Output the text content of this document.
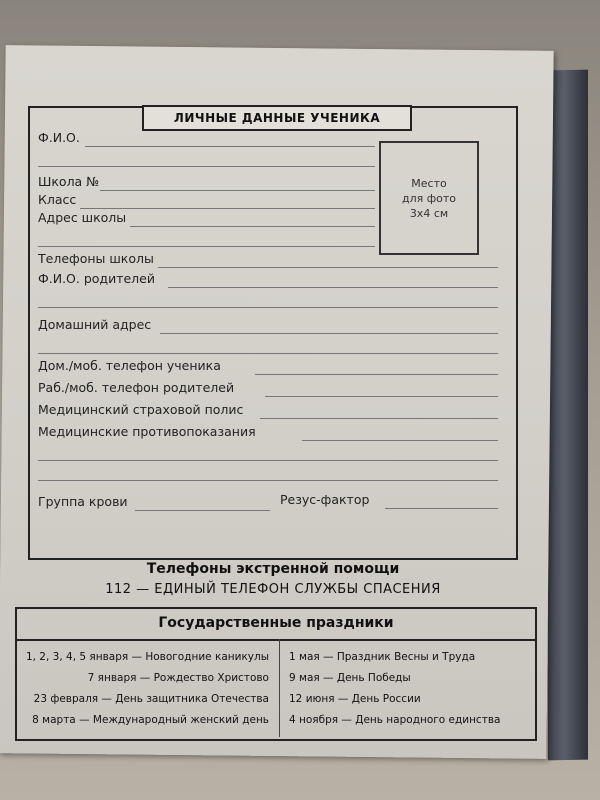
ЛИЧНЫЕ ДАННЫЕ УЧЕНИКА
Место
для фото
3x4 см
Ф.И.О.
Школа №
Класс
Адрес школы
Телефоны школы
Ф.И.О. родителей
Домашний адрес
Дом./моб. телефон ученика
Раб./моб. телефон родителей
Медицинский страховой полис
Медицинские противопоказания
Группа крови	Резус-фактор
Телефоны экстренной помощи
112 — ЕДИНЫЙ ТЕЛЕФОН СЛУЖБЫ СПАСЕНИЯ
Государственные праздники
1, 2, 3, 4, 5 января — Новогодние каникулы
7 января — Рождество Христово
23 февраля — День защитника Отечества
8 марта — Международный женский день
1 мая — Праздник Весны и Труда
9 мая — День Победы
12 июня — День России
4 ноября — День народного единства
